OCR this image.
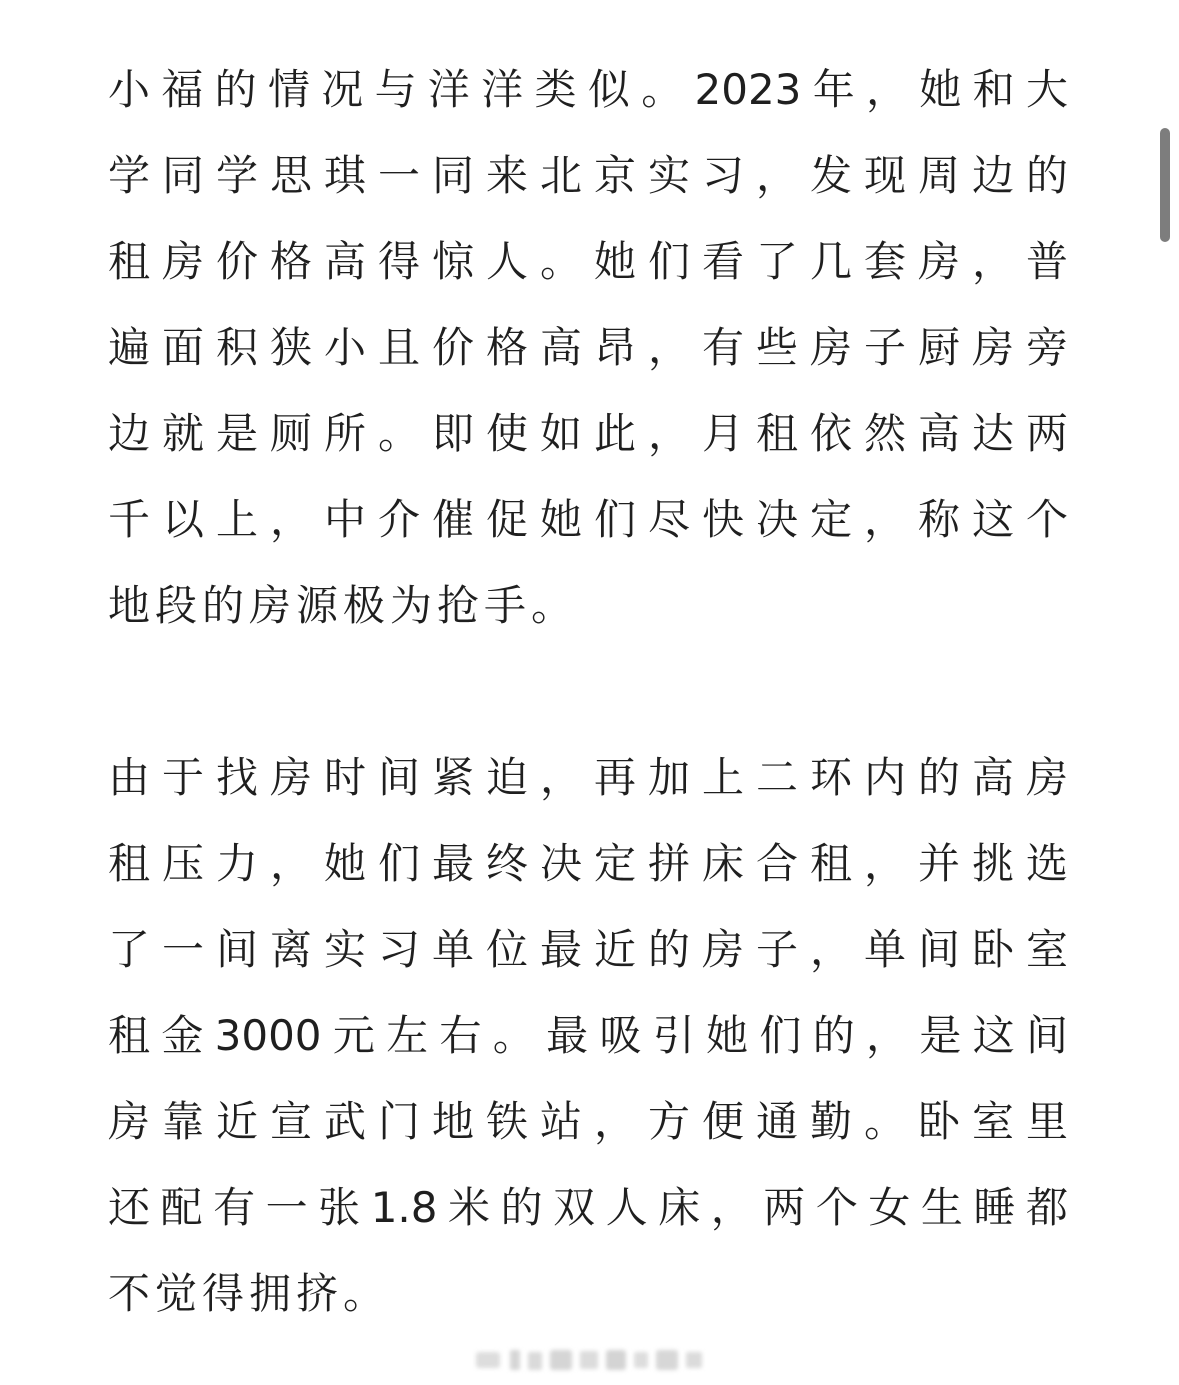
小福的情况与洋洋类似。2023年，她和大
学同学思琪一同来北京实习，发现周边的
租房价格高得惊人。她们看了几套房，普
遍面积狭小且价格高昂，有些房子厨房旁
边就是厕所。即使如此，月租依然高达两
千以上，中介催促她们尽快决定，称这个
地段的房源极为抢手。
由于找房时间紧迫，再加上二环内的高房
租压力，她们最终决定拼床合租，并挑选
了一间离实习单位最近的房子，单间卧室
租金3000元左右。最吸引她们的，是这间
房靠近宣武门地铁站，方便通勤。卧室里
还配有一张1.8米的双人床，两个女生睡都
不觉得拥挤。
